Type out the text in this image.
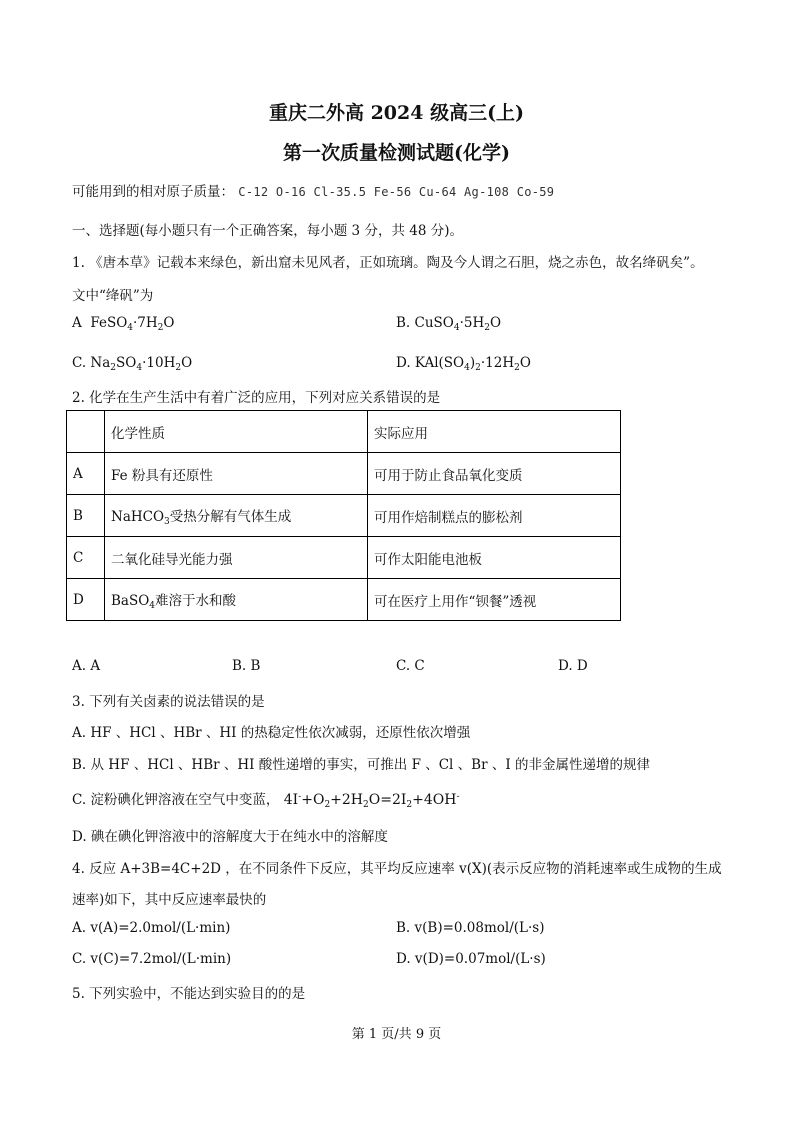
重庆二外高 2024 级高三(上)
第一次质量检测试题(化学)
可能用到的相对原子质量： C-12 O-16 Cl-35.5 Fe-56 Cu-64 Ag-108 Co-59
一、选择题(每小题只有一个正确答案，每小题 3 分，共 48 分)。
1. 《唐本草》记载本来绿色，新出窟未见风者，正如琉璃。陶及今人谓之石胆，烧之赤色，故名绛矾矣”。
文中“绛矾”为
A  $FeSO_4\cdot 7H_2O$	B. $CuSO_4\cdot 5H_2O$
C. $Na_2SO_4\cdot 10H_2O$	D. $KAl(SO_4)_2\cdot 12H_2O$
2. 化学在生产生活中有着广泛的应用，下列对应关系错误的是
	化学性质	实际应用
A	Fe 粉具有还原性	可用于防止食品氧化变质
B	NaHCO$_3$受热分解有气体生成	可用作焙制糕点的膨松剂
C	二氧化硅导光能力强	可作太阳能电池板
D	BaSO$_4$难溶于水和酸	可在医疗上用作“钡餐”透视
A. A	B. B	C. C	D. D
3. 下列有关卤素的说法错误的是
A. HF 、HCl 、HBr 、HI 的热稳定性依次减弱，还原性依次增强
B. 从 HF 、HCl 、HBr 、HI 酸性递增的事实，可推出 F 、Cl 、Br 、I 的非金属性递增的规律
C. 淀粉碘化钾溶液在空气中变蓝， $4I^-+O_2+2H_2O=2I_2+4OH^-$
D. 碘在碘化钾溶液中的溶解度大于在纯水中的溶解度
4. 反应 A+3B=4C+2D ，在不同条件下反应，其平均反应速率 v(X)(表示反应物的消耗速率或生成物的生成
速率)如下，其中反应速率最快的
A. v(A)=2.0mol/(L·min)	B. v(B)=0.08mol/(L·s)
C. v(C)=7.2mol/(L·min)	D. v(D)=0.07mol/(L·s)
5. 下列实验中，不能达到实验目的的是
第 1 页/共 9 页
